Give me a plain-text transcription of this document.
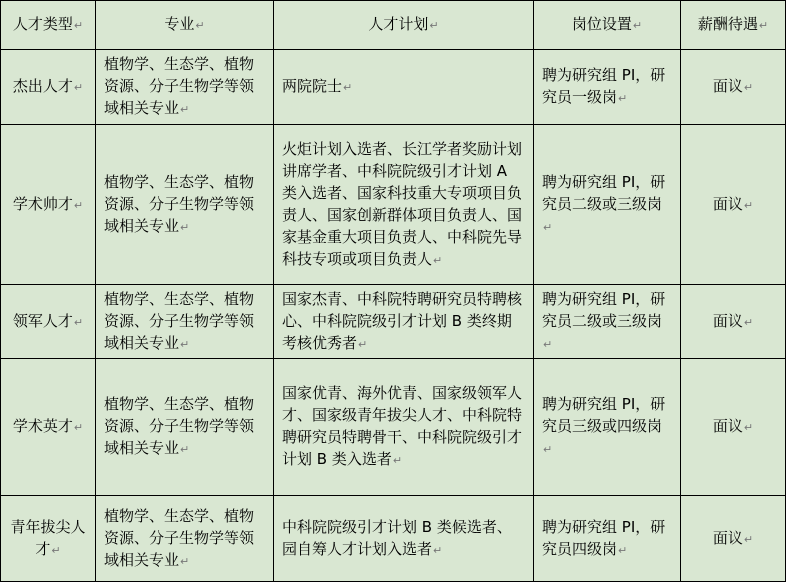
人才类型↵	专业↵	人才计划↵	岗位设置↵	薪酬待遇↵
杰出人才↵	植物学、生态学、植物资源、分子生物学等领域相关专业↵	两院院士↵	聘为研究组 PI，研究员一级岗↵	面议↵
学术帅才↵	植物学、生态学、植物资源、分子生物学等领域相关专业↵	火炬计划入选者、长江学者奖励计划讲席学者、中科院院级引才计划 A 类入选者、国家科技重大专项项目负责人、国家创新群体项目负责人、国家基金重大项目负责人、中科院先导科技专项或项目负责人↵	聘为研究组 PI，研究员二级或三级岗↵	面议↵
领军人才↵	植物学、生态学、植物资源、分子生物学等领域相关专业↵	国家杰青、中科院特聘研究员特聘核心、中科院院级引才计划 B 类终期考核优秀者↵	聘为研究组 PI，研究员二级或三级岗↵	面议↵
学术英才↵	植物学、生态学、植物资源、分子生物学等领域相关专业↵	国家优青、海外优青、国家级领军人才、国家级青年拔尖人才、中科院特聘研究员特聘骨干、中科院院级引才计划 B 类入选者↵	聘为研究组 PI，研究员三级或四级岗↵	面议↵
青年拔尖人才↵	植物学、生态学、植物资源、分子生物学等领域相关专业↵	中科院院级引才计划 B 类候选者、园自筹人才计划入选者↵	聘为研究组 PI，研究员四级岗↵	面议↵
